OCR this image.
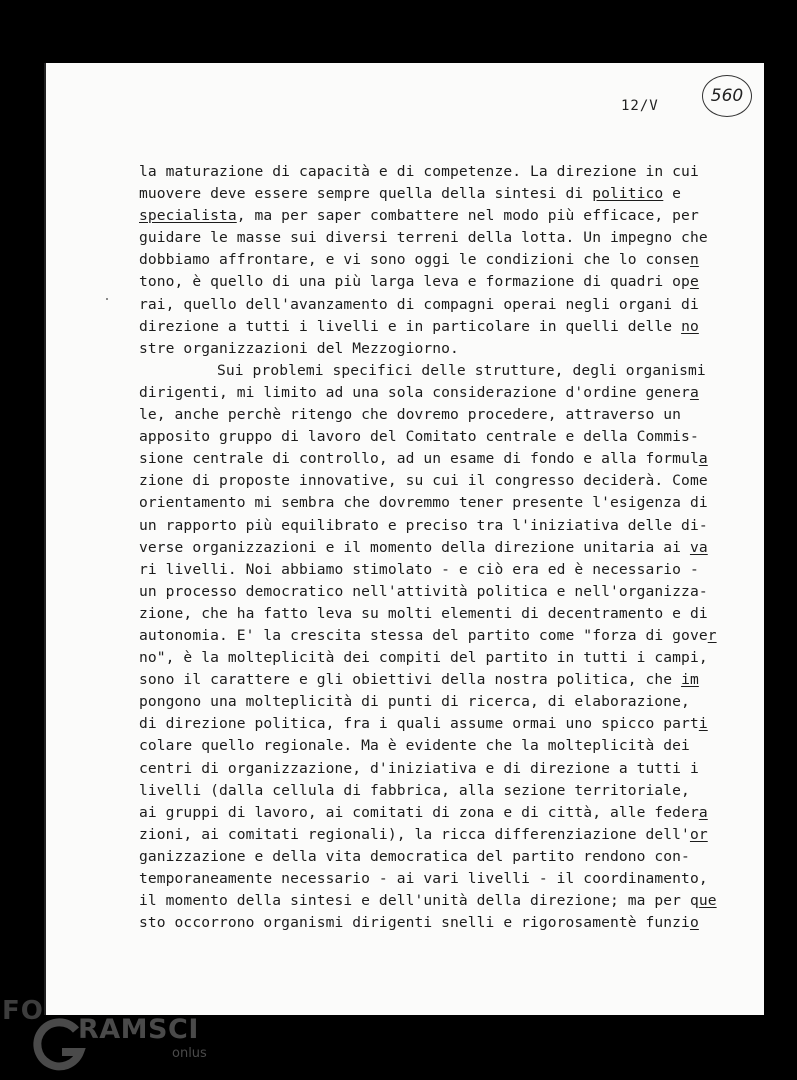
560
12/V
la maturazione di capacità e di competenze. La direzione in cui
muovere deve essere sempre quella della sintesi di politico e
specialista, ma per saper combattere nel modo più efficace, per
guidare le masse sui diversi terreni della lotta. Un impegno che
dobbiamo affrontare, e vi sono oggi le condizioni che lo consen
tono, è quello di una più larga leva e formazione di quadri ope
rai, quello dell'avanzamento di compagni operai negli organi di
direzione a tutti i livelli e in particolare in quelli delle no
stre organizzazioni del Mezzogiorno.
Sui problemi specifici delle strutture, degli organismi
dirigenti, mi limito ad una sola considerazione d'ordine genera
le, anche perchè ritengo che dovremo procedere, attraverso un
apposito gruppo di lavoro del Comitato centrale e della Commis-
sione centrale di controllo, ad un esame di fondo e alla formula
zione di proposte innovative, su cui il congresso deciderà. Come
orientamento mi sembra che dovremmo tener presente l'esigenza di
un rapporto più equilibrato e preciso tra l'iniziativa delle di-
verse organizzazioni e il momento della direzione unitaria ai va
ri livelli. Noi abbiamo stimolato - e ciò era ed è necessario -
un processo democratico nell'attività politica e nell'organizza-
zione, che ha fatto leva su molti elementi di decentramento e di
autonomia. E' la crescita stessa del partito come "forza di gover
no", è la molteplicità dei compiti del partito in tutti i campi,
sono il carattere e gli obiettivi della nostra politica, che im
pongono una molteplicità di punti di ricerca, di elaborazione,
di direzione politica, fra i quali assume ormai uno spicco parti
colare quello regionale. Ma è evidente che la molteplicità dei
centri di organizzazione, d'iniziativa e di direzione a tutti i
livelli (dalla cellula di fabbrica, alla sezione territoriale,
ai gruppi di lavoro, ai comitati di zona e di città, alle federa
zioni, ai comitati regionali), la ricca differenziazione dell'or
ganizzazione e della vita democratica del partito rendono con-
temporaneamente necessario - ai vari livelli - il coordinamento,
il momento della sintesi e dell'unità della direzione; ma per que
sto occorrono organismi dirigenti snelli e rigorosamentè funzio
FO
RAMSCI
onlus
